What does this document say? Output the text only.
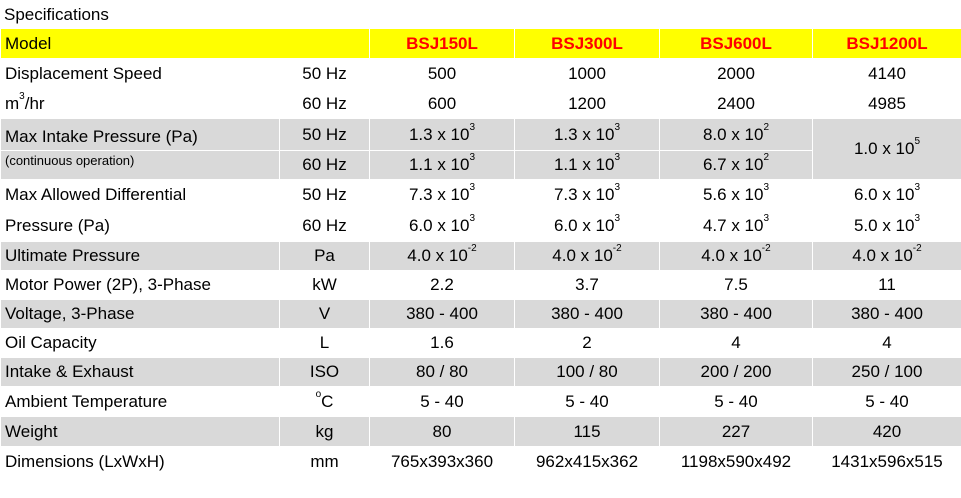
Specifications
Model		BSJ150L	BSJ300L	BSJ600L	BSJ1200L
Displacement Speed	50 Hz	500	1000	2000	4140
$m^3/hr$	60 Hz	600	1200	2400	4985
Max Intake Pressure (Pa)	50 Hz	1.3 x $10^3$	1.3 x $10^3$	8.0 x $10^2$	1.0 x $10^5$
(continuous operation)	60 Hz	1.1 x $10^3$	1.1 x $10^3$	6.7 x $10^2$
Max Allowed Differential	50 Hz	7.3 x $10^3$	7.3 x $10^3$	5.6 x $10^3$	6.0 x $10^3$
Pressure (Pa)	60 Hz	6.0 x $10^3$	6.0 x $10^3$	4.7 x $10^3$	5.0 x $10^3$
Ultimate Pressure	Pa	4.0 x $10^{-2}$	4.0 x $10^{-2}$	4.0 x $10^{-2}$	4.0 x $10^{-2}$
Motor Power (2P), 3-Phase	kW	2.2	3.7	7.5	11
Voltage, 3-Phase	V	380 - 400	380 - 400	380 - 400	380 - 400
Oil Capacity	L	1.6	2	4	4
Intake & Exhaust	ISO	80 / 80	100 / 80	200 / 200	250 / 100
Ambient Temperature	$^o$C	5 - 40	5 - 40	5 - 40	5 - 40
Weight	kg	80	115	227	420
Dimensions (LxWxH)	mm	765x393x360	962x415x362	1198x590x492	1431x596x515
